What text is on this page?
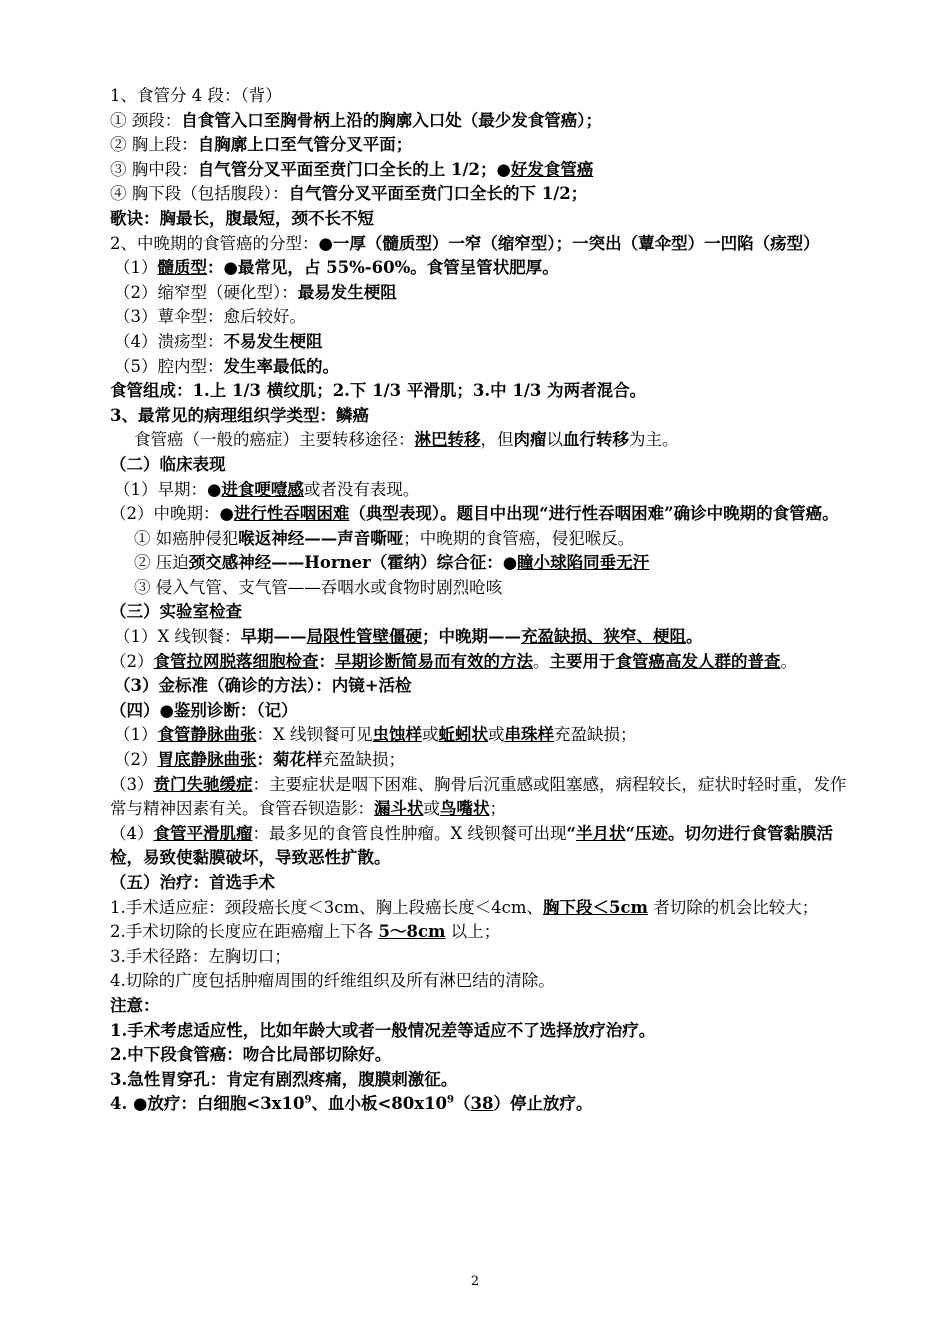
1、食管分 4 段：（背）
① 颈段：自食管入口至胸骨柄上沿的胸廓入口处（最少发食管癌）；
② 胸上段：自胸廓上口至气管分叉平面；
③ 胸中段：自气管分叉平面至贲门口全长的上 1/2；●好发食管癌
④ 胸下段（包括腹段）：自气管分叉平面至贲门口全长的下 1/2；
歌诀：胸最长，腹最短，颈不长不短
2、中晚期的食管癌的分型：●一厚（髓质型）一窄（缩窄型）；一突出（蕈伞型）一凹陷（疡型）
（1）髓质型：●最常见，占 55%-60%。食管呈管状肥厚。
（2）缩窄型（硬化型）：最易发生梗阻
（3）蕈伞型：愈后较好。
（4）溃疡型：不易发生梗阻
（5）腔内型：发生率最低的。
食管组成：1.上 1/3 横纹肌；2.下 1/3 平滑肌；3.中 1/3 为两者混合。
3、最常见的病理组织学类型：鳞癌
食管癌（一般的癌症）主要转移途径：淋巴转移，但肉瘤以血行转移为主。
（二）临床表现
（1）早期：●进食哽噎感或者没有表现。
（2）中晚期：●进行性吞咽困难（典型表现）。题目中出现“进行性吞咽困难”确诊中晚期的食管癌。
① 如癌肿侵犯喉返神经——声音嘶哑；中晚期的食管癌，侵犯喉反。
② 压迫颈交感神经——Horner（霍纳）综合征：●瞳小球陷同垂无汗
③ 侵入气管、支气管——吞咽水或食物时剧烈呛咳
（三）实验室检查
（1）X 线钡餐：早期——局限性管壁僵硬；中晚期——充盈缺损、狭窄、梗阻。
（2）食管拉网脱落细胞检查：早期诊断简易而有效的方法。主要用于食管癌高发人群的普查。
（3）金标准（确诊的方法）：内镜+活检
（四）●鉴别诊断：（记）
（1）食管静脉曲张：X 线钡餐可见虫蚀样或蚯蚓状或串珠样充盈缺损；
（2）胃底静脉曲张：菊花样充盈缺损；
（3）贲门失驰缓症：主要症状是咽下困难、胸骨后沉重感或阻塞感，病程较长，症状时轻时重，发作常与精神因素有关。食管吞钡造影：漏斗状或鸟嘴状；
（4）食管平滑肌瘤：最多见的食管良性肿瘤。X 线钡餐可出现“半月状“压迹。切勿进行食管黏膜活检，易致使黏膜破坏，导致恶性扩散。
（五）治疗：首选手术
1.手术适应症：颈段癌长度＜3cm、胸上段癌长度＜4cm、胸下段＜5cm 者切除的机会比较大；
2.手术切除的长度应在距癌瘤上下各 5～8cm 以上；
3.手术径路：左胸切口；
4.切除的广度包括肿瘤周围的纤维组织及所有淋巴结的清除。
注意：
1.手术考虑适应性，比如年龄大或者一般情况差等适应不了选择放疗治疗。
2.中下段食管癌：吻合比局部切除好。
3.急性胃穿孔：肯定有剧烈疼痛，腹膜刺激征。
4. ●放疗：白细胞$<3x10^9$、血小板$<80x10^9(38)$停止放疗。
2
